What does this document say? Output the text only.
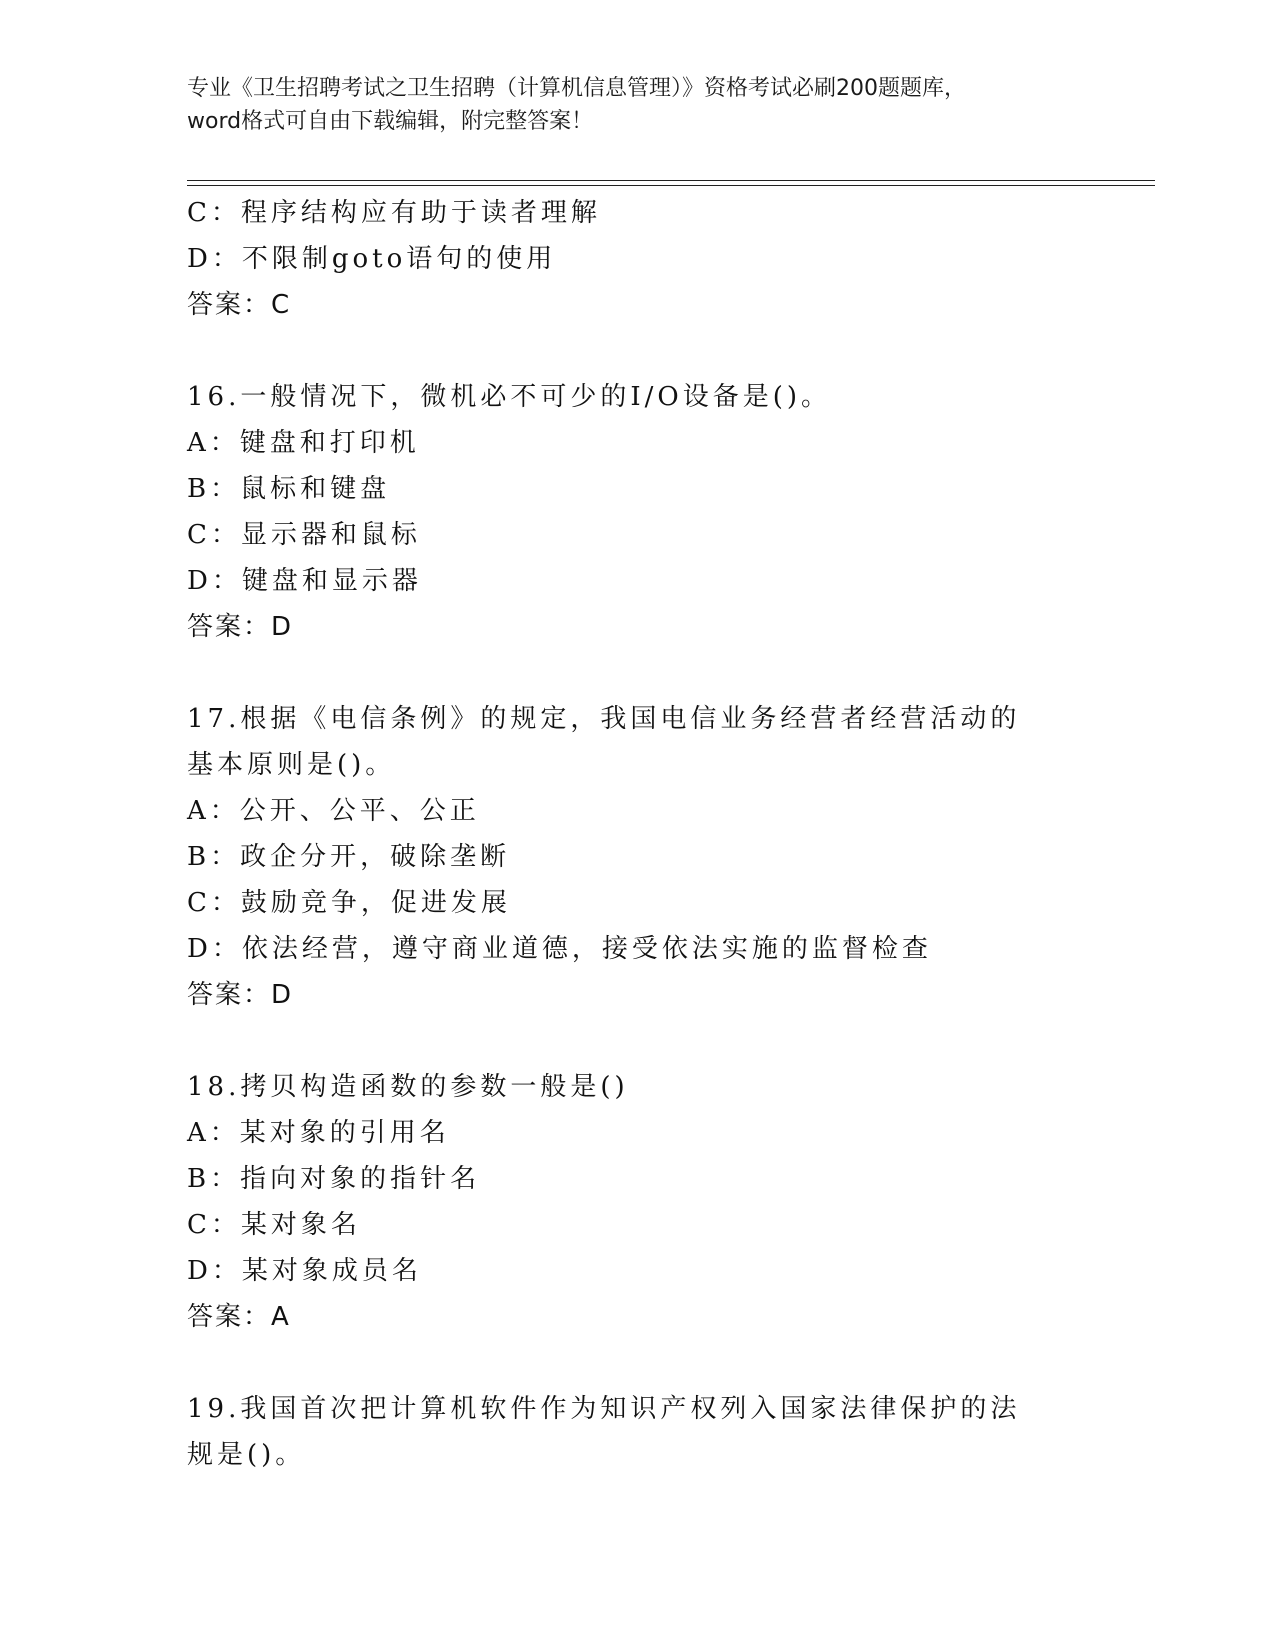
专业《卫生招聘考试之卫生招聘（计算机信息管理）》资格考试必刷200题题库，
word格式可自由下载编辑，附完整答案！
C：程序结构应有助于读者理解
D：不限制goto语句的使用
答案：C
16.一般情况下，微机必不可少的I/O设备是()。
A：键盘和打印机
B：鼠标和键盘
C：显示器和鼠标
D：键盘和显示器
答案：D
17.根据《电信条例》的规定，我国电信业务经营者经营活动的基本原则是()。
A：公开、公平、公正
B：政企分开，破除垄断
C：鼓励竞争，促进发展
D：依法经营，遵守商业道德，接受依法实施的监督检查
答案：D
18.拷贝构造函数的参数一般是()
A：某对象的引用名
B：指向对象的指针名
C：某对象名
D：某对象成员名
答案：A
19.我国首次把计算机软件作为知识产权列入国家法律保护的法规是()。
